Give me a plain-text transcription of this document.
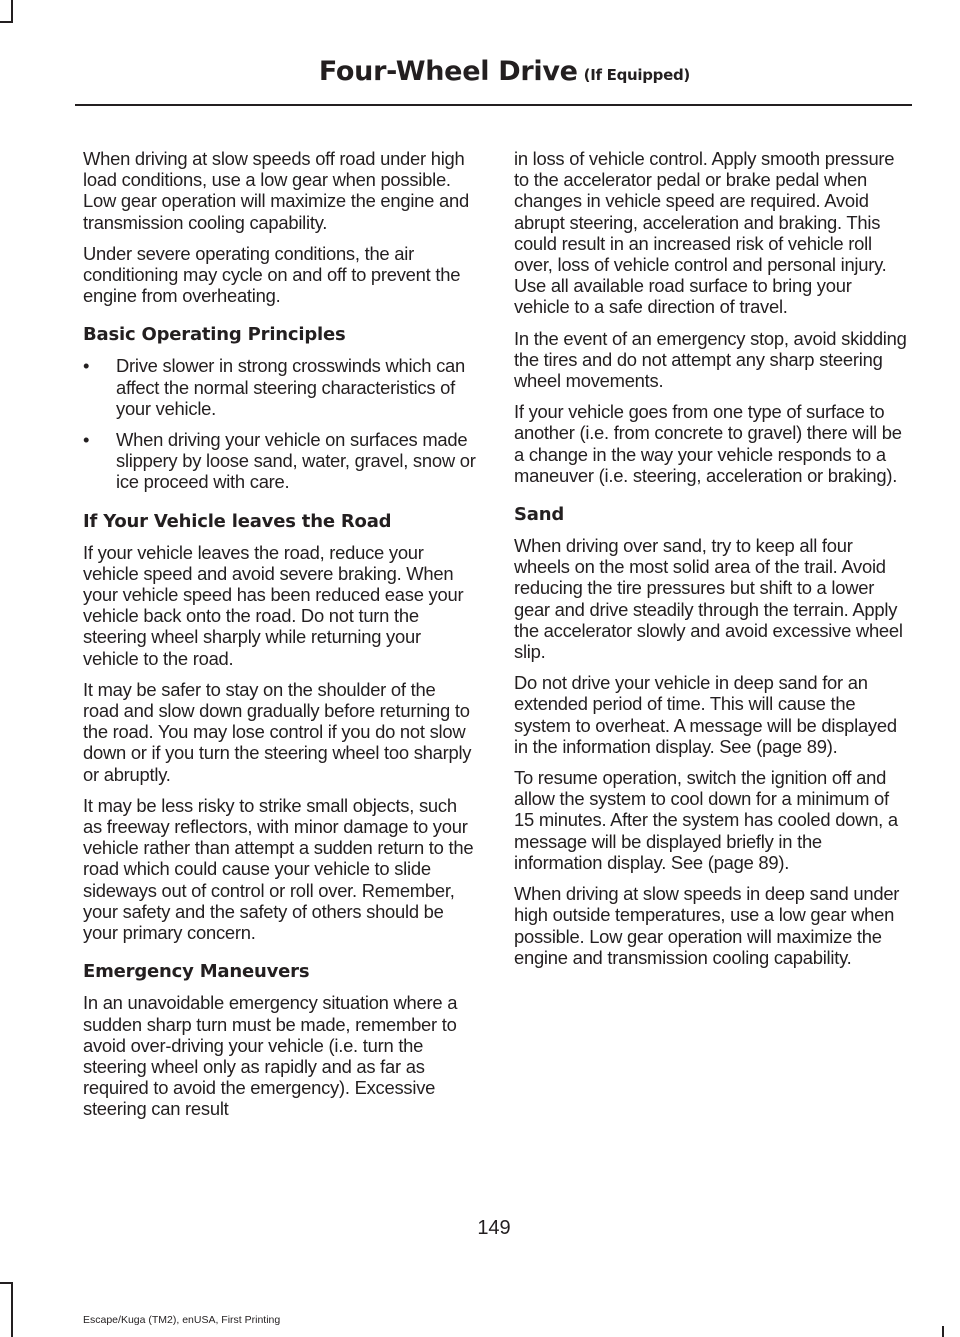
Four-Wheel Drive (If Equipped)

When driving at slow speeds off road under high load conditions, use a low gear when possible. Low gear operation will maximize the engine and transmission cooling capability.

Under severe operating conditions, the air conditioning may cycle on and off to prevent the engine from overheating.

Basic Operating Principles
• Drive slower in strong crosswinds which can affect the normal steering characteristics of your vehicle.
• When driving your vehicle on surfaces made slippery by loose sand, water, gravel, snow or ice proceed with care.
If Your Vehicle leaves the Road

If your vehicle leaves the road, reduce your vehicle speed and avoid severe braking. When your vehicle speed has been reduced ease your vehicle back onto the road. Do not turn the steering wheel sharply while returning your vehicle to the road.

It may be safer to stay on the shoulder of the road and slow down gradually before returning to the road. You may lose control if you do not slow down or if you turn the steering wheel too sharply or abruptly.

It may be less risky to strike small objects, such as freeway reflectors, with minor damage to your vehicle rather than attempt a sudden return to the road which could cause your vehicle to slide sideways out of control or roll over. Remember, your safety and the safety of others should be your primary concern.

Emergency Maneuvers

In an unavoidable emergency situation where a sudden sharp turn must be made, remember to avoid over-driving your vehicle (i.e. turn the steering wheel only as rapidly and as far as required to avoid the emergency). Excessive steering can result

in loss of vehicle control. Apply smooth pressure to the accelerator pedal or brake pedal when changes in vehicle speed are required. Avoid abrupt steering, acceleration and braking. This could result in an increased risk of vehicle roll over, loss of vehicle control and personal injury. Use all available road surface to bring your vehicle to a safe direction of travel.

In the event of an emergency stop, avoid skidding the tires and do not attempt any sharp steering wheel movements.

If your vehicle goes from one type of surface to another (i.e. from concrete to gravel) there will be a change in the way your vehicle responds to a maneuver (i.e. steering, acceleration or braking).

Sand

When driving over sand, try to keep all four wheels on the most solid area of the trail. Avoid reducing the tire pressures but shift to a lower gear and drive steadily through the terrain. Apply the accelerator slowly and avoid excessive wheel slip.

Do not drive your vehicle in deep sand for an extended period of time. This will cause the system to overheat. A message will be displayed in the information display. See (page 89).

To resume operation, switch the ignition off and allow the system to cool down for a minimum of 15 minutes. After the system has cooled down, a message will be displayed briefly in the information display. See (page 89).

When driving at slow speeds in deep sand under high outside temperatures, use a low gear when possible. Low gear operation will maximize the engine and transmission cooling capability.

149
Escape/Kuga (TM2), enUSA, First Printing
